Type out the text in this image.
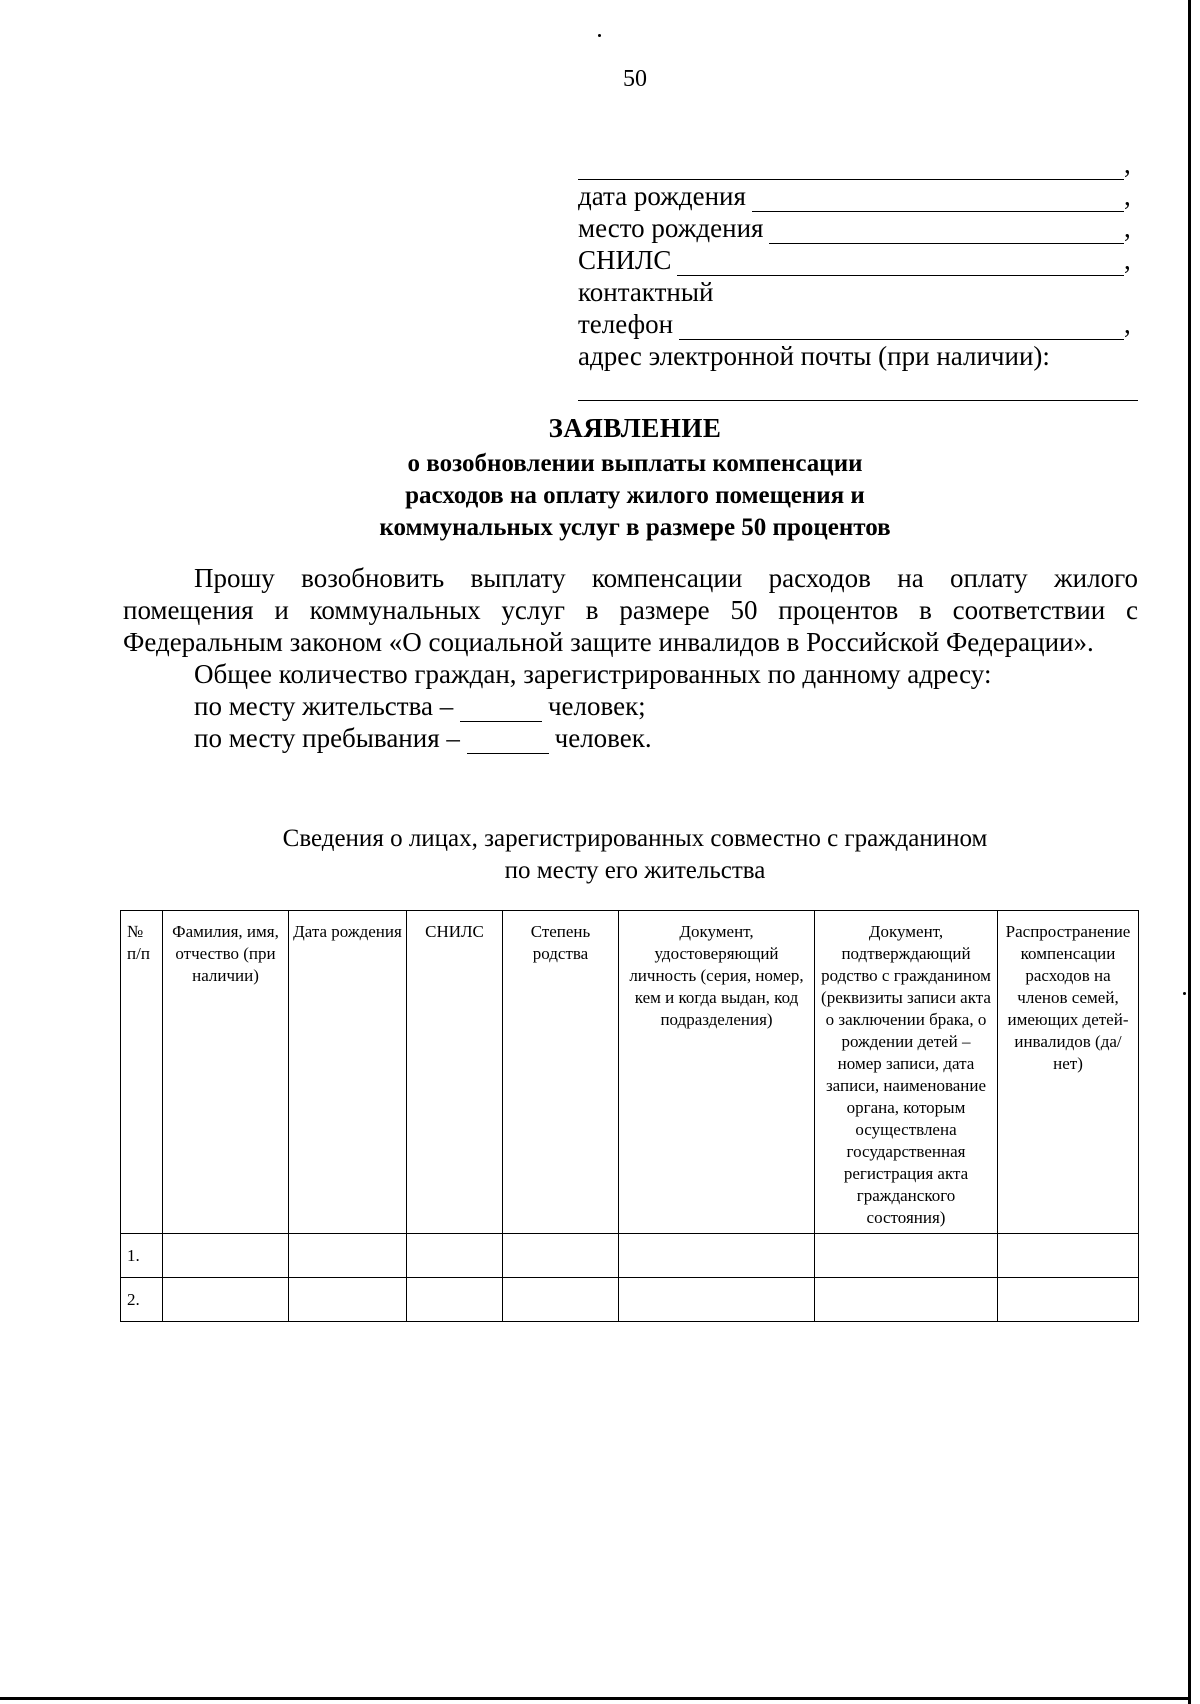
50
,
дата рождения	,
место рождения	,
СНИЛС	,
контактный
телефон	,
адрес электронной почты (при наличии):
ЗАЯВЛЕНИЕ
о возобновлении выплаты компенсации
расходов на оплату жилого помещения и
коммунальных услуг в размере 50 процентов
Прошу возобновить выплату компенсации расходов на оплату жилого помещения и коммунальных услуг в размере 50 процентов в соответствии с Федеральным законом «О социальной защите инвалидов в Российской Федерации».
Общее количество граждан, зарегистрированных по данному адресу:
по месту жительства –	человек;
по месту пребывания –	человек.
Сведения о лицах, зарегистрированных совместно с гражданином
по месту его жительства
№ п/п	Фамилия, имя, отчество (при наличии)	Дата рождения	СНИЛС	Степень родства	Документ, удостоверяющий личность (серия, номер, кем и когда выдан, код подразделения)	Документ, подтверждающий родство с гражданином (реквизиты записи акта о заключении брака, о рождении детей – номер записи, дата записи, наименование органа, которым осуществлена государственная регистрация акта гражданского состояния)	Распространение компенсации расходов на членов семей, имеющих детей-инвалидов (да/нет)
1.							
2.							
